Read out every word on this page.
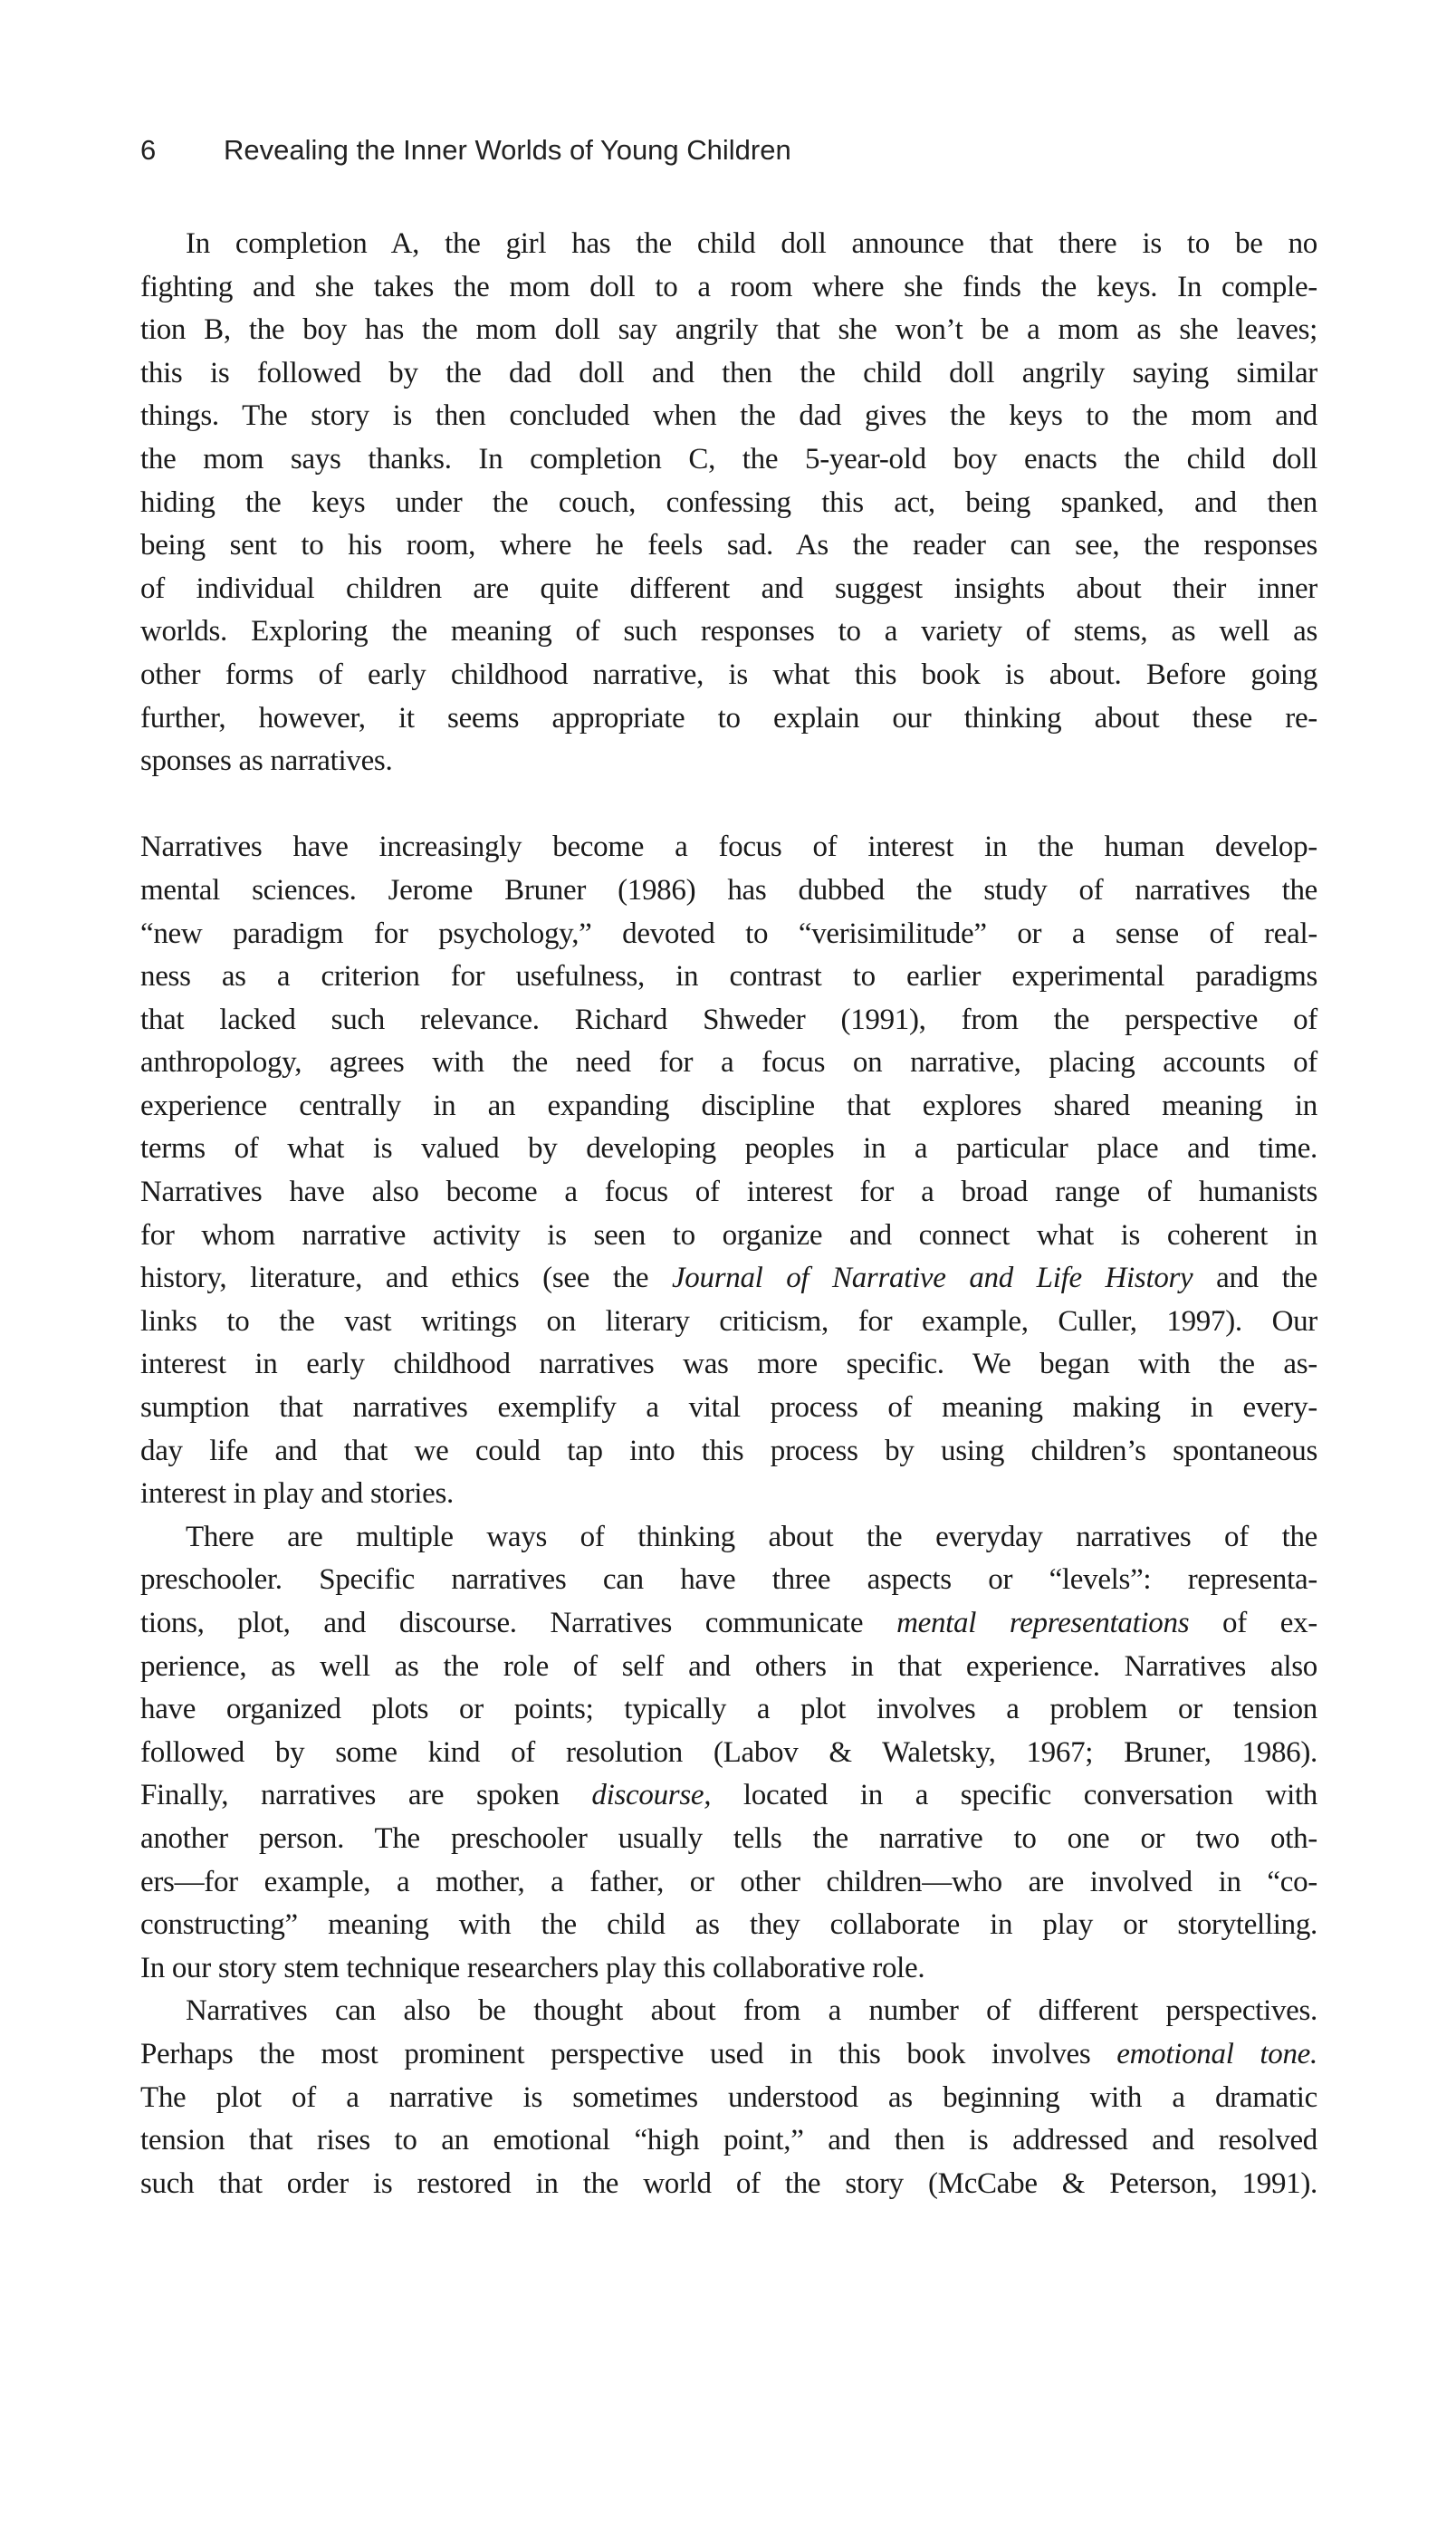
6 Revealing the Inner Worlds of Young Children
In completion A, the girl has the child doll announce that there is to be no
fighting and she takes the mom doll to a room where she finds the keys. In comple-
tion B, the boy has the mom doll say angrily that she won’t be a mom as she leaves;
this is followed by the dad doll and then the child doll angrily saying similar
things. The story is then concluded when the dad gives the keys to the mom and
the mom says thanks. In completion C, the 5-year-old boy enacts the child doll
hiding the keys under the couch, confessing this act, being spanked, and then
being sent to his room, where he feels sad. As the reader can see, the responses
of individual children are quite different and suggest insights about their inner
worlds. Exploring the meaning of such responses to a variety of stems, as well as
other forms of early childhood narrative, is what this book is about. Before going
further, however, it seems appropriate to explain our thinking about these re-
sponses as narratives.
Narratives have increasingly become a focus of interest in the human develop-
mental sciences. Jerome Bruner (1986) has dubbed the study of narratives the
“new paradigm for psychology,” devoted to “verisimilitude” or a sense of real-
ness as a criterion for usefulness, in contrast to earlier experimental paradigms
that lacked such relevance. Richard Shweder (1991), from the perspective of
anthropology, agrees with the need for a focus on narrative, placing accounts of
experience centrally in an expanding discipline that explores shared meaning in
terms of what is valued by developing peoples in a particular place and time.
Narratives have also become a focus of interest for a broad range of humanists
for whom narrative activity is seen to organize and connect what is coherent in
history, literature, and ethics (see the Journal of Narrative and Life History and the
links to the vast writings on literary criticism, for example, Culler, 1997). Our
interest in early childhood narratives was more specific. We began with the as-
sumption that narratives exemplify a vital process of meaning making in every-
day life and that we could tap into this process by using children’s spontaneous
interest in play and stories.
There are multiple ways of thinking about the everyday narratives of the
preschooler. Specific narratives can have three aspects or “levels”: representa-
tions, plot, and discourse. Narratives communicate mental representations of ex-
perience, as well as the role of self and others in that experience. Narratives also
have organized plots or points; typically a plot involves a problem or tension
followed by some kind of resolution (Labov & Waletsky, 1967; Bruner, 1986).
Finally, narratives are spoken discourse, located in a specific conversation with
another person. The preschooler usually tells the narrative to one or two oth-
ers—for example, a mother, a father, or other children—who are involved in “co-
constructing” meaning with the child as they collaborate in play or storytelling.
In our story stem technique researchers play this collaborative role.
Narratives can also be thought about from a number of different perspectives.
Perhaps the most prominent perspective used in this book involves emotional tone.
The plot of a narrative is sometimes understood as beginning with a dramatic
tension that rises to an emotional “high point,” and then is addressed and resolved
such that order is restored in the world of the story (McCabe & Peterson, 1991).
